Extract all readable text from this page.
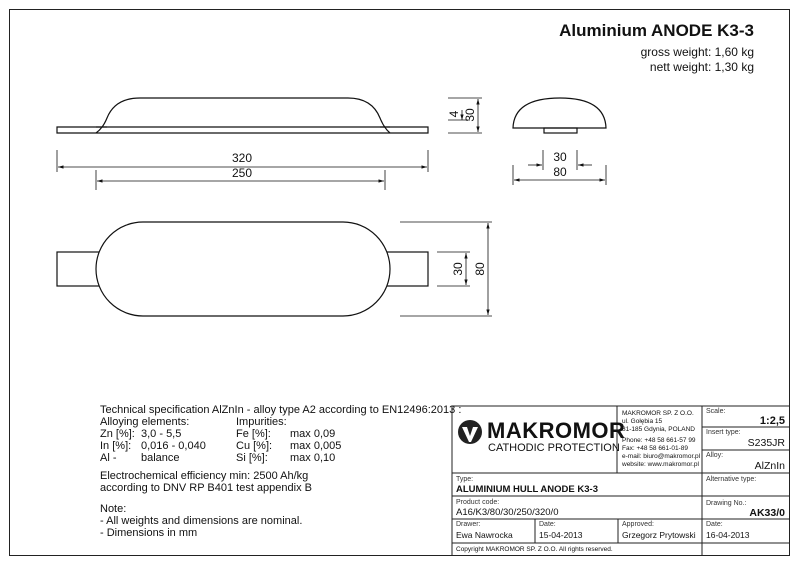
Aluminium ANODE K3-3
gross weight: 1,60 kg
nett weight: 1,30 kg
4 30
320
250
30
80
30 80
Technical specification AlZnIn - alloy type A2 according to EN12496:2013 :
Alloying elements:	Impurities:
Zn [%]: 3,0 - 5,5
In [%]: 0,016 - 0,040
Al - balance
Fe [%]: max 0,09
Cu [%]: max 0,005
Si [%]: max 0,10
Electrochemical efficiency min: 2500 Ah/kg
according to DNV RP B401 test appendix B
Note:
- All weights and dimensions are nominal.
- Dimensions in mm
MAKROMOR
CATHODIC PROTECTION
MAKROMOR SP. Z O.O.
ul. Gołębia 15
81-185 Gdynia, POLAND
Phone: +48 58 661-57 99
Fax: +48 58 661-01-89
e-mail: biuro@makromor.pl
website: www.makromor.pl
Scale:
1:2,5
Insert type:
S235JR
Alloy:
AlZnIn
Alternative type:
Drawing No.:
AK33/0
Type:
ALUMINIUM HULL ANODE K3-3
Product code:
A16/K3/80/30/250/320/0
Drawer:
Ewa Nawrocka
Date:
15-04-2013
Approved:
Grzegorz Prytowski
Date:
16-04-2013
Copyright MAKROMOR SP. Z O.O. All rights reserved.
